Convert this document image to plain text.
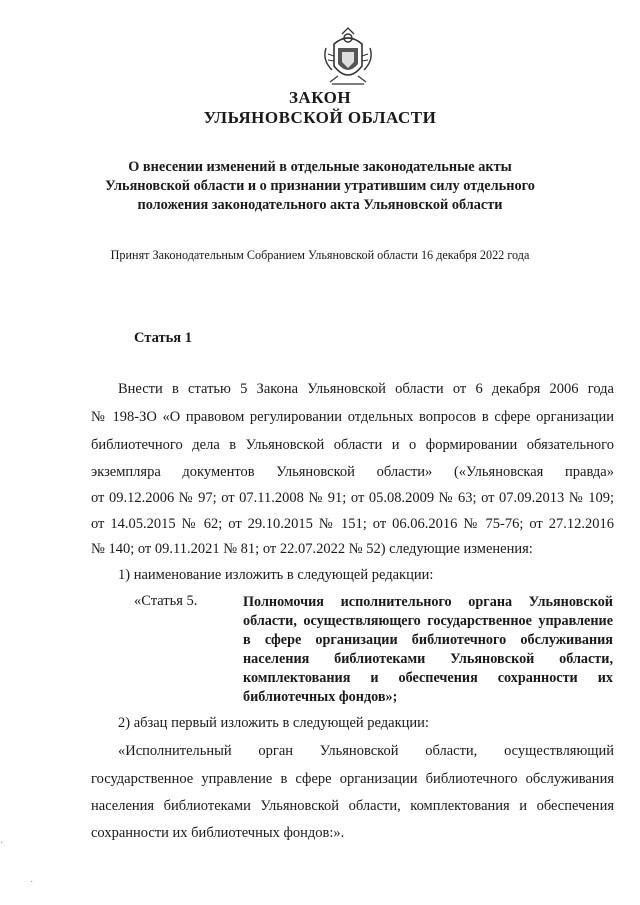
ЗАКОН
УЛЬЯНОВСКОЙ ОБЛАСТИ
О внесении изменений в отдельные законодательные акты
Ульяновской области и о признании утратившим силу отдельного
положения законодательного акта Ульяновской области
Принят Законодательным Собранием Ульяновской области 16 декабря 2022 года
Статья 1
Внести в статью 5 Закона Ульяновской области от 6 декабря 2006 года
№ 198-ЗО «О правовом регулировании отдельных вопросов в сфере организации
библиотечного дела в Ульяновской области и о формировании обязательного
экземпляра документов Ульяновской области» («Ульяновская правда»
от 09.12.2006 № 97; от 07.11.2008 № 91; от 05.08.2009 № 63; от 07.09.2013 № 109;
от 14.05.2015 № 62; от 29.10.2015 № 151; от 06.06.2016 № 75-76; от 27.12.2016
№ 140; от 09.11.2021 № 81; от 22.07.2022 № 52) следующие изменения:
1) наименование изложить в следующей редакции:
«Статья 5.	Полномочия исполнительного органа Ульяновской области, осуществляющего государственное управление в сфере организации библиотечного обслуживания населения библиотеками Ульяновской области, комплектования и обеспечения сохранности их библиотечных фондов»;
2) абзац первый изложить в следующей редакции:
«Исполнительный орган Ульяновской области, осуществляющий
государственное управление в сфере организации библиотечного обслуживания
населения библиотеками Ульяновской области, комплектования и обеспечения
сохранности их библиотечных фондов:».
·
˙
